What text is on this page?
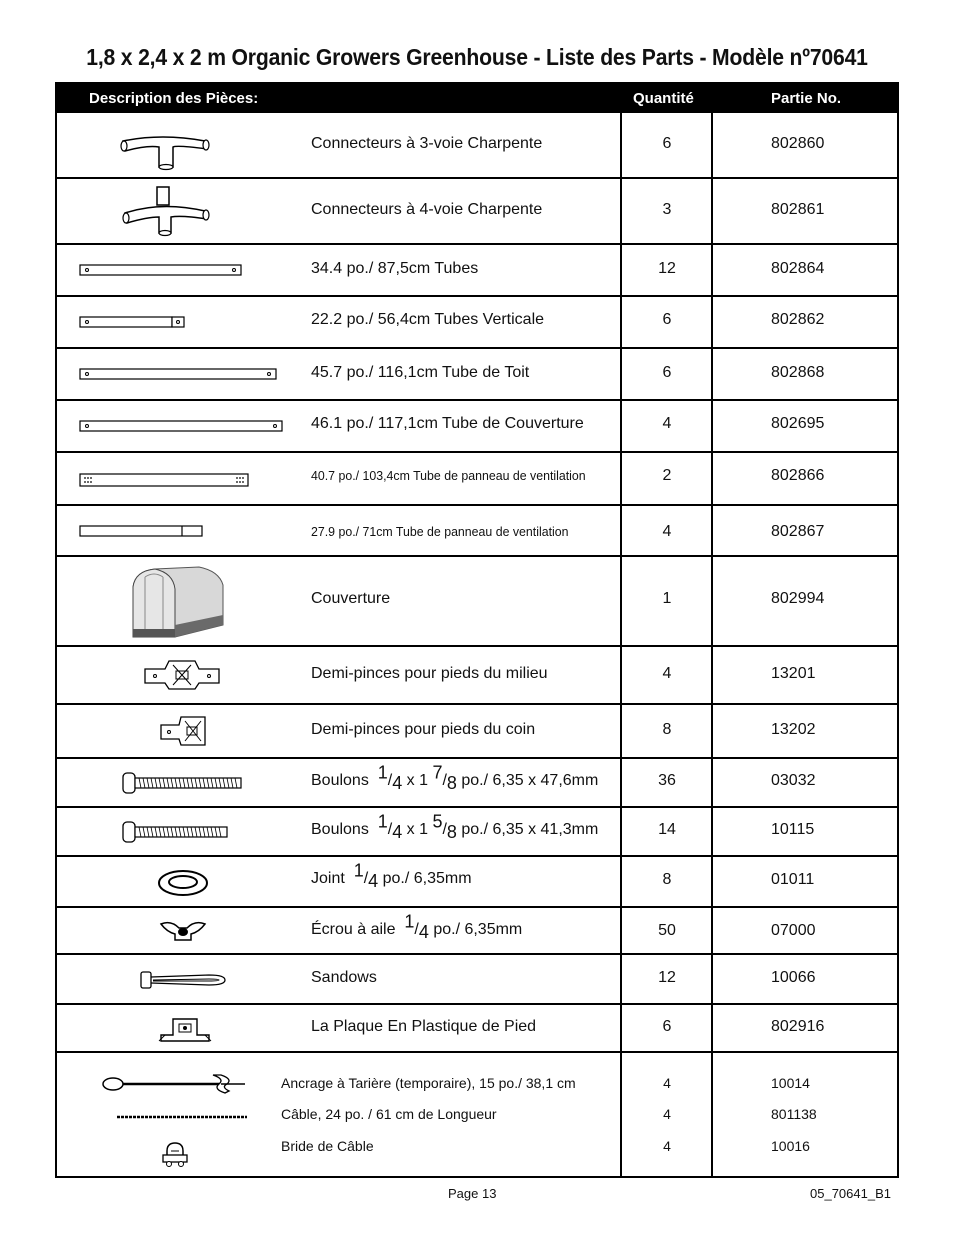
1,8 x 2,4 x 2 m Organic Growers Greenhouse - Liste des Parts - Modèle nº70641
Description des Pièces:	Quantité	Partie No.
Connecteurs à 3-voie Charpente	6	802860
Connecteurs à 4-voie Charpente	3	802861
34.4 po./ 87,5cm Tubes	12	802864
22.2 po./ 56,4cm Tubes Verticale	6	802862
45.7 po./ 116,1cm Tube de Toit	6	802868
46.1 po./ 117,1cm Tube de Couverture	4	802695
40.7 po./ 103,4cm Tube de panneau de ventilation	2	802866
27.9 po./ 71cm Tube de panneau de ventilation	4	802867
Couverture	1	802994
Demi-pinces pour pieds du milieu	4	13201
Demi-pinces pour pieds du coin	8	13202
Boulons $^1/_4$ x 1 $^7/_8$ po./ 6,35 x 47,6mm	36	03032
Boulons $^1/_4$ x 1 $^5/_8$ po./ 6,35 x 41,3mm	14	10115
Joint $^1/_4$ po./ 6,35mm	8	01011
Écrou à aile $^1/_4$ po./ 6,35mm	50	07000
Sandows	12	10066
La Plaque En Plastique de Pied	6	802916
Ancrage à Tarière (temporaire), 15 po./ 38,1 cm	4	10014
Câble, 24 po. / 61 cm de Longueur	4	801138
Bride de Câble	4	10016
Page 13	05_70641_B1
